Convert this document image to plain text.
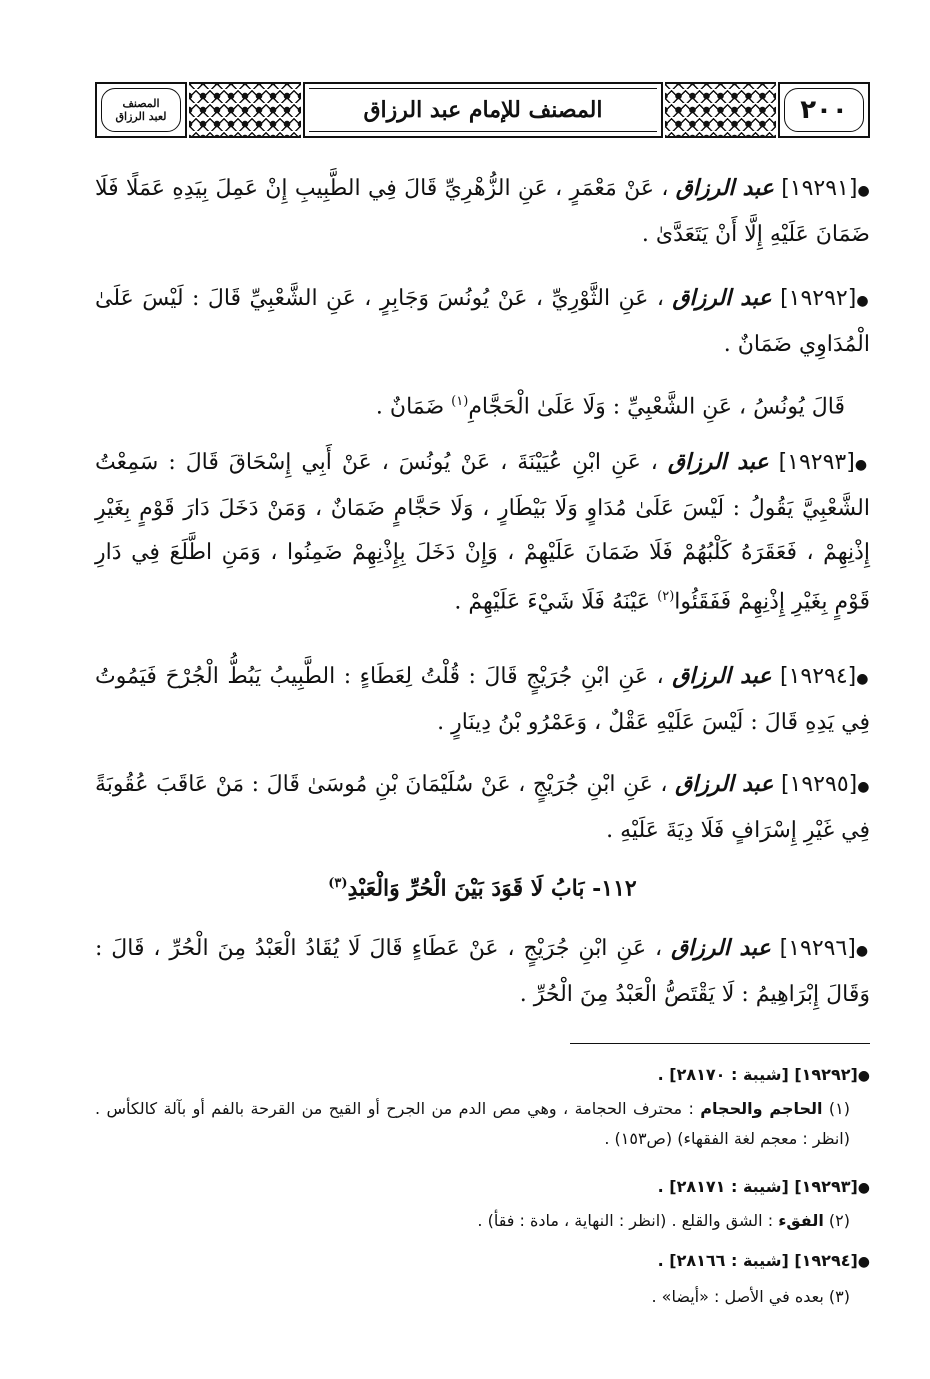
المصنف
لعبد الرزاق	المصنف للإمام عبد الرزاق	٢٠٠
●[١٩٢٩١] عبد الرزاق ، عَنْ مَعْمَرٍ ، عَنِ الزُّهْرِيِّ قَالَ فِي الطَّبِيبِ إِنْ عَمِلَ بِيَدِهِ عَمَلًا فَلَا ضَمَانَ عَلَيْهِ إِلَّا أَنْ يَتَعَدَّىٰ .
●[١٩٢٩٢] عبد الرزاق ، عَنِ الثَّوْرِيِّ ، عَنْ يُونُسَ وَجَابِرٍ ، عَنِ الشَّعْبِيِّ قَالَ : لَيْسَ عَلَىٰ الْمُدَاوِي ضَمَانٌ .
قَالَ يُونُسُ ، عَنِ الشَّعْبِيِّ : وَلَا عَلَىٰ الْحَجَّامِ$^{(١)}$ ضَمَانٌ .
●[١٩٢٩٣] عبد الرزاق ، عَنِ ابْنِ عُيَيْنَةَ ، عَنْ يُونُسَ ، عَنْ أَبِي إِسْحَاقَ قَالَ : سَمِعْتُ الشَّعْبِيَّ يَقُولُ : لَيْسَ عَلَىٰ مُدَاوٍ وَلَا بَيْطَارٍ ، وَلَا حَجَّامٍ ضَمَانٌ ، وَمَنْ دَخَلَ دَارَ قَوْمٍ بِغَيْرِ إِذْنِهِمْ ، فَعَقَرَهُ كَلْبُهُمْ فَلَا ضَمَانَ عَلَيْهِمْ ، وَإِنْ دَخَلَ بِإِذْنِهِمْ ضَمِنُوا ، وَمَنِ اطَّلَعَ فِي دَارِ قَوْمٍ بِغَيْرِ إِذْنِهِمْ فَفَقَئُوا$^{(٢)}$ عَيْنَهُ فَلَا شَيْءَ عَلَيْهِمْ .
●[١٩٢٩٤] عبد الرزاق ، عَنِ ابْنِ جُرَيْجٍ قَالَ : قُلْتُ لِعَطَاءٍ : الطَّبِيبُ يَبُطُّ الْجُرْحَ فَيَمُوتُ فِي يَدِهِ قَالَ : لَيْسَ عَلَيْهِ عَقْلٌ ، وَعَمْرُو بْنُ دِينَارٍ .
●[١٩٢٩٥] عبد الرزاق ، عَنِ ابْنِ جُرَيْجٍ ، عَنْ سُلَيْمَانَ بْنِ مُوسَىٰ قَالَ : مَنْ عَاقَبَ عُقُوبَةً فِي غَيْرِ إِسْرَافٍ فَلَا دِيَةَ عَلَيْهِ .
١١٢- بَابُ لَا قَوَدَ بَيْنَ الْحُرِّ وَالْعَبْدِ$^{(٣)}$
●[١٩٢٩٦] عبد الرزاق ، عَنِ ابْنِ جُرَيْجٍ ، عَنْ عَطَاءٍ قَالَ لَا يُقَادُ الْعَبْدُ مِنَ الْحُرِّ ، قَالَ : وَقَالَ إِبْرَاهِيمُ : لَا يَقْتَصُّ الْعَبْدُ مِنَ الْحُرِّ .
●[١٩٢٩٢] [شيبة : ٢٨١٧٠] .
(١) الحاجم والحجام : محترف الحجامة ، وهي مص الدم من الجرح أو القيح من القرحة بالفم أو بآلة كالكأس . (انظر : معجم لغة الفقهاء) (ص١٥٣) .
●[١٩٢٩٣] [شيبة : ٢٨١٧١] .
(٢) الفقء : الشق والقلع . (انظر : النهاية ، مادة : فقأ) .
●[١٩٢٩٤] [شيبة : ٢٨١٦٦] .
(٣) بعده في الأصل : «أيضا» .
